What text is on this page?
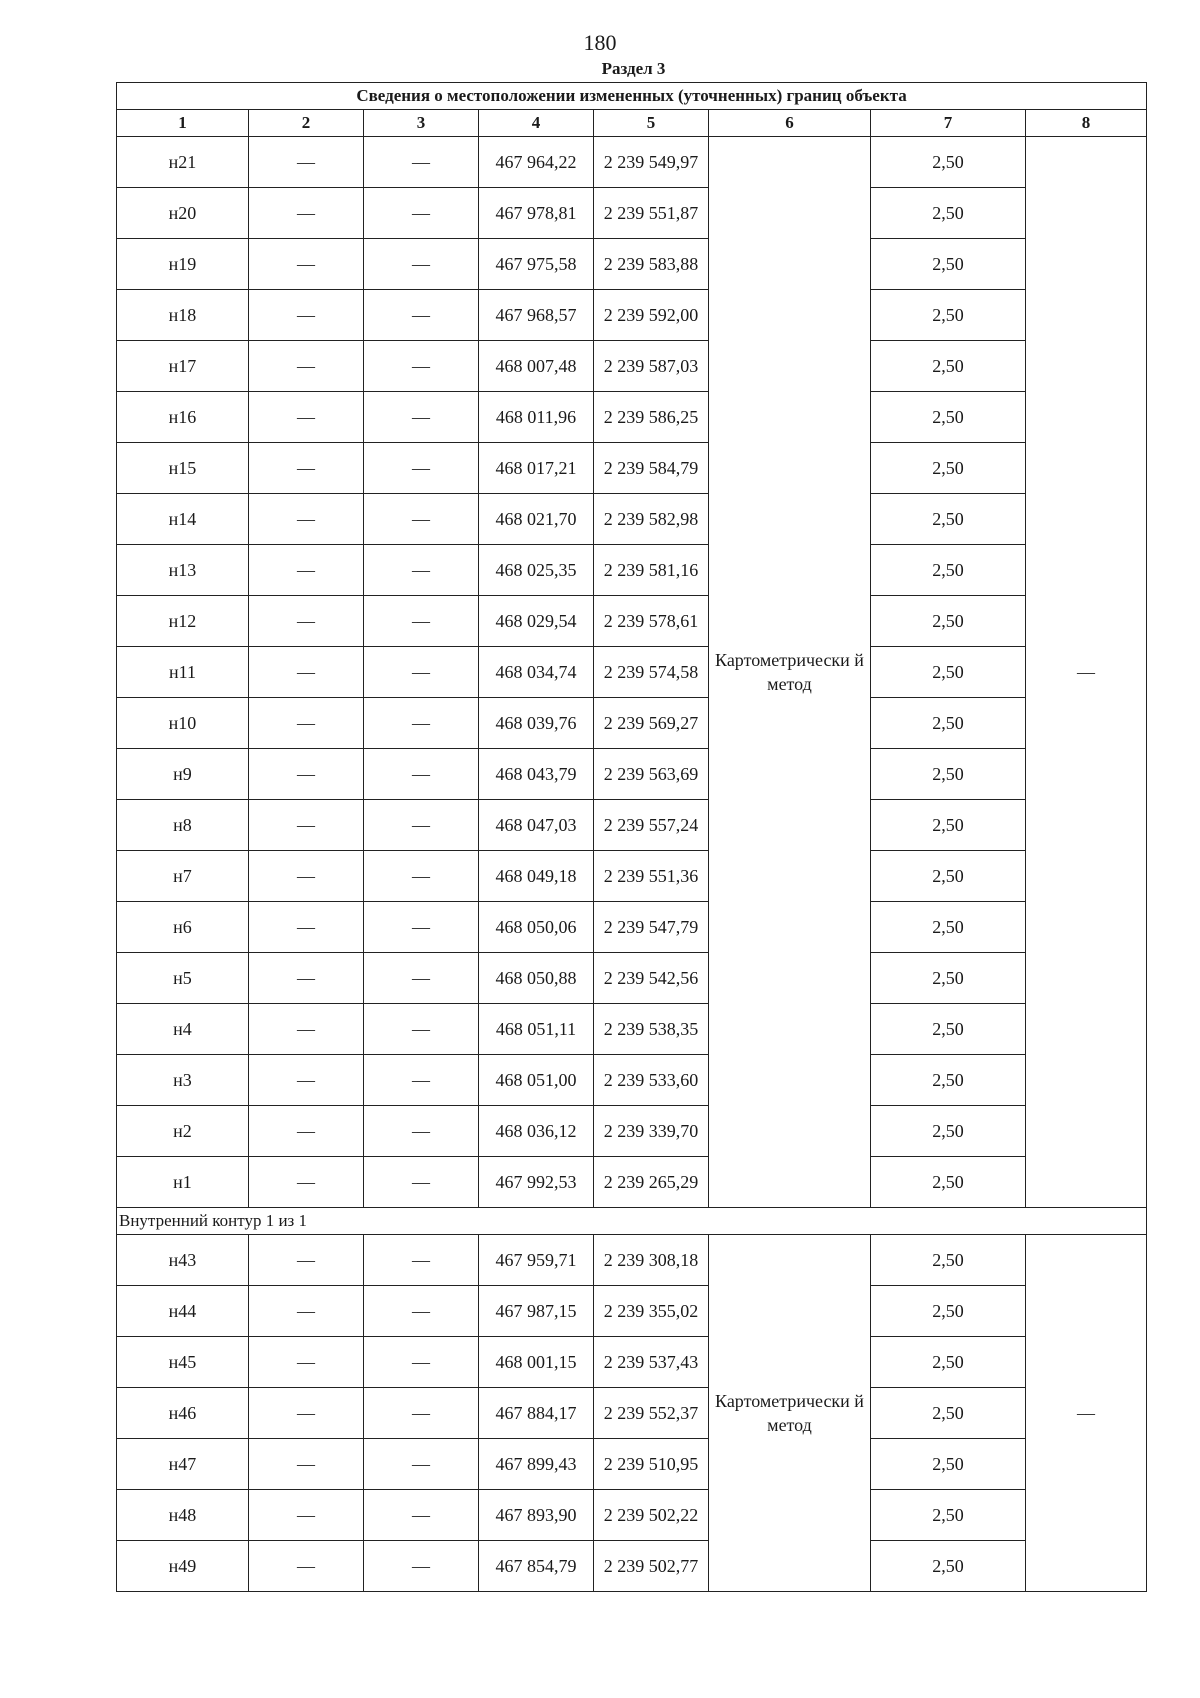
180
Раздел 3
Сведения о местоположении измененных (уточненных) границ объекта							
1	2	3	4	5	6	7	8
н21	—	—	467 964,22	2 239 549,97	Картометрически й метод	2,50	—
н20	—	—	467 978,81	2 239 551,87		2,50	
н19	—	—	467 975,58	2 239 583,88		2,50	
н18	—	—	467 968,57	2 239 592,00		2,50	
н17	—	—	468 007,48	2 239 587,03		2,50	
н16	—	—	468 011,96	2 239 586,25		2,50	
н15	—	—	468 017,21	2 239 584,79		2,50	
н14	—	—	468 021,70	2 239 582,98		2,50	
н13	—	—	468 025,35	2 239 581,16		2,50	
н12	—	—	468 029,54	2 239 578,61		2,50	
н11	—	—	468 034,74	2 239 574,58		2,50	
н10	—	—	468 039,76	2 239 569,27		2,50	
н9	—	—	468 043,79	2 239 563,69		2,50	
н8	—	—	468 047,03	2 239 557,24		2,50	
н7	—	—	468 049,18	2 239 551,36		2,50	
н6	—	—	468 050,06	2 239 547,79		2,50	
н5	—	—	468 050,88	2 239 542,56		2,50	
н4	—	—	468 051,11	2 239 538,35		2,50	
н3	—	—	468 051,00	2 239 533,60		2,50	
н2	—	—	468 036,12	2 239 339,70		2,50	
н1	—	—	467 992,53	2 239 265,29		2,50	
Внутренний контур 1 из 1							
н43	—	—	467 959,71	2 239 308,18	Картометрически й метод	2,50	—
н44	—	—	467 987,15	2 239 355,02		2,50	
н45	—	—	468 001,15	2 239 537,43		2,50	
н46	—	—	467 884,17	2 239 552,37		2,50	
н47	—	—	467 899,43	2 239 510,95		2,50	
н48	—	—	467 893,90	2 239 502,22		2,50	
н49	—	—	467 854,79	2 239 502,77		2,50	
